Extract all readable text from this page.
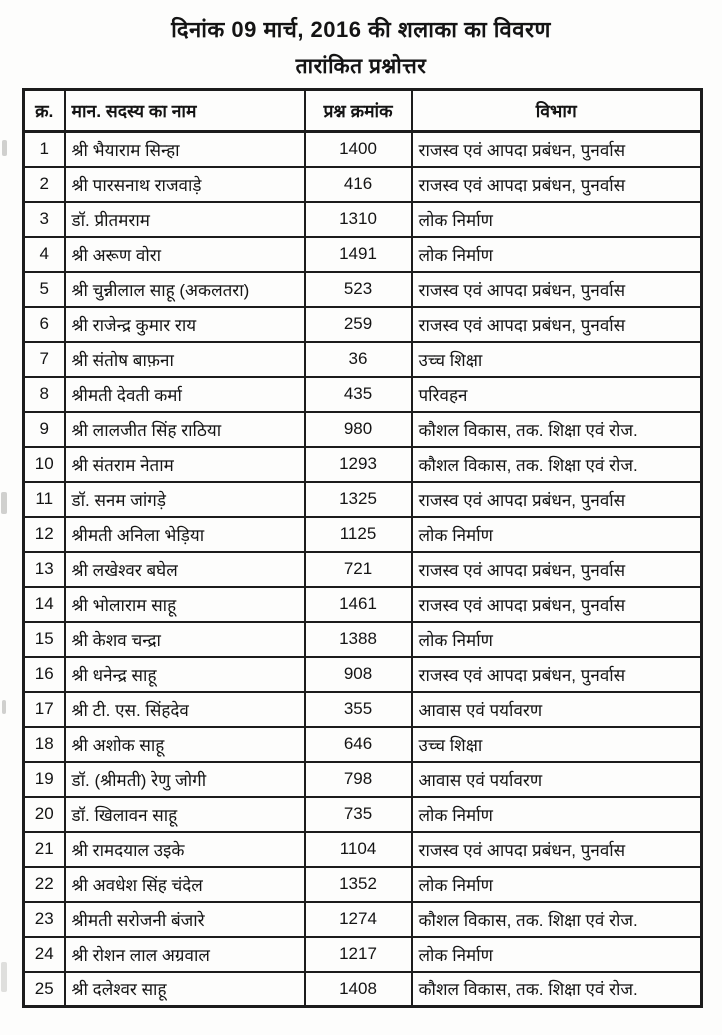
दिनांक 09 मार्च, 2016 की शलाका का विवरण
तारांकित प्रश्नोत्तर
क्र.	मान. सदस्य का नाम	प्रश्न क्रमांक	विभाग
1	श्री भैयाराम सिन्हा	1400	राजस्व एवं आपदा प्रबंधन, पुनर्वास
2	श्री पारसनाथ राजवाड़े	416	राजस्व एवं आपदा प्रबंधन, पुनर्वास
3	डॉ. प्रीतमराम	1310	लोक निर्माण
4	श्री अरूण वोरा	1491	लोक निर्माण
5	श्री चुन्नीलाल साहू (अकलतरा)	523	राजस्व एवं आपदा प्रबंधन, पुनर्वास
6	श्री राजेन्द्र कुमार राय	259	राजस्व एवं आपदा प्रबंधन, पुनर्वास
7	श्री संतोष बाफ़ना	36	उच्च शिक्षा
8	श्रीमती देवती कर्मा	435	परिवहन
9	श्री लालजीत सिंह राठिया	980	कौशल विकास, तक. शिक्षा एवं रोज.
10	श्री संतराम नेताम	1293	कौशल विकास, तक. शिक्षा एवं रोज.
11	डॉ. सनम जांगड़े	1325	राजस्व एवं आपदा प्रबंधन, पुनर्वास
12	श्रीमती अनिला भेड़िया	1125	लोक निर्माण
13	श्री लखेश्वर बघेल	721	राजस्व एवं आपदा प्रबंधन, पुनर्वास
14	श्री भोलाराम साहू	1461	राजस्व एवं आपदा प्रबंधन, पुनर्वास
15	श्री केशव चन्द्रा	1388	लोक निर्माण
16	श्री धनेन्द्र साहू	908	राजस्व एवं आपदा प्रबंधन, पुनर्वास
17	श्री टी. एस. सिंहदेव	355	आवास एवं पर्यावरण
18	श्री अशोक साहू	646	उच्च शिक्षा
19	डॉ. (श्रीमती) रेणु जोगी	798	आवास एवं पर्यावरण
20	डॉ. खिलावन साहू	735	लोक निर्माण
21	श्री रामदयाल उइके	1104	राजस्व एवं आपदा प्रबंधन, पुनर्वास
22	श्री अवधेश सिंह चंदेल	1352	लोक निर्माण
23	श्रीमती सरोजनी बंजारे	1274	कौशल विकास, तक. शिक्षा एवं रोज.
24	श्री रोशन लाल अग्रवाल	1217	लोक निर्माण
25	श्री दलेश्वर साहू	1408	कौशल विकास, तक. शिक्षा एवं रोज.
